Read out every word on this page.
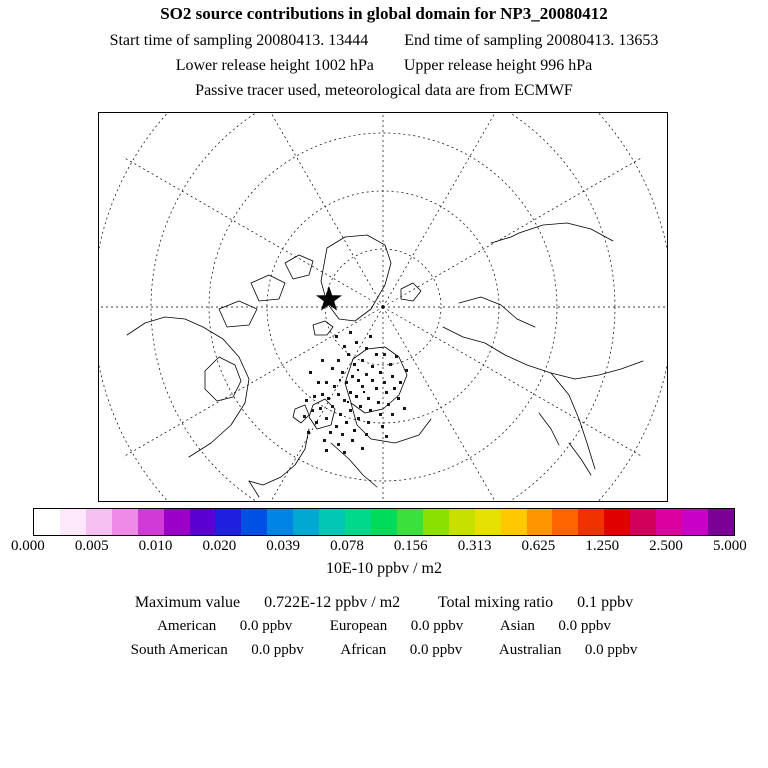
SO2 source contributions in global domain for NP3_20080412
Start time of sampling 20080413. 13444 End time of sampling 20080413. 13653
Lower release height 1002 hPa Upper release height 996 hPa
Passive tracer used, meteorological data are from ECMWF
0.000 0.005 0.010 0.020 0.039 0.078 0.156 0.313 0.625 1.250 2.500 5.000
10E-10 ppbv / m2
Maximum value 0.722E-12 ppbv / m2 Total mixing ratio 0.1 ppbv
American 0.0 ppbv	European 0.0 ppbv Asian 0.0 ppbv
South American 0.0 ppbv African 0.0 ppbv Australian 0.0 ppbv
